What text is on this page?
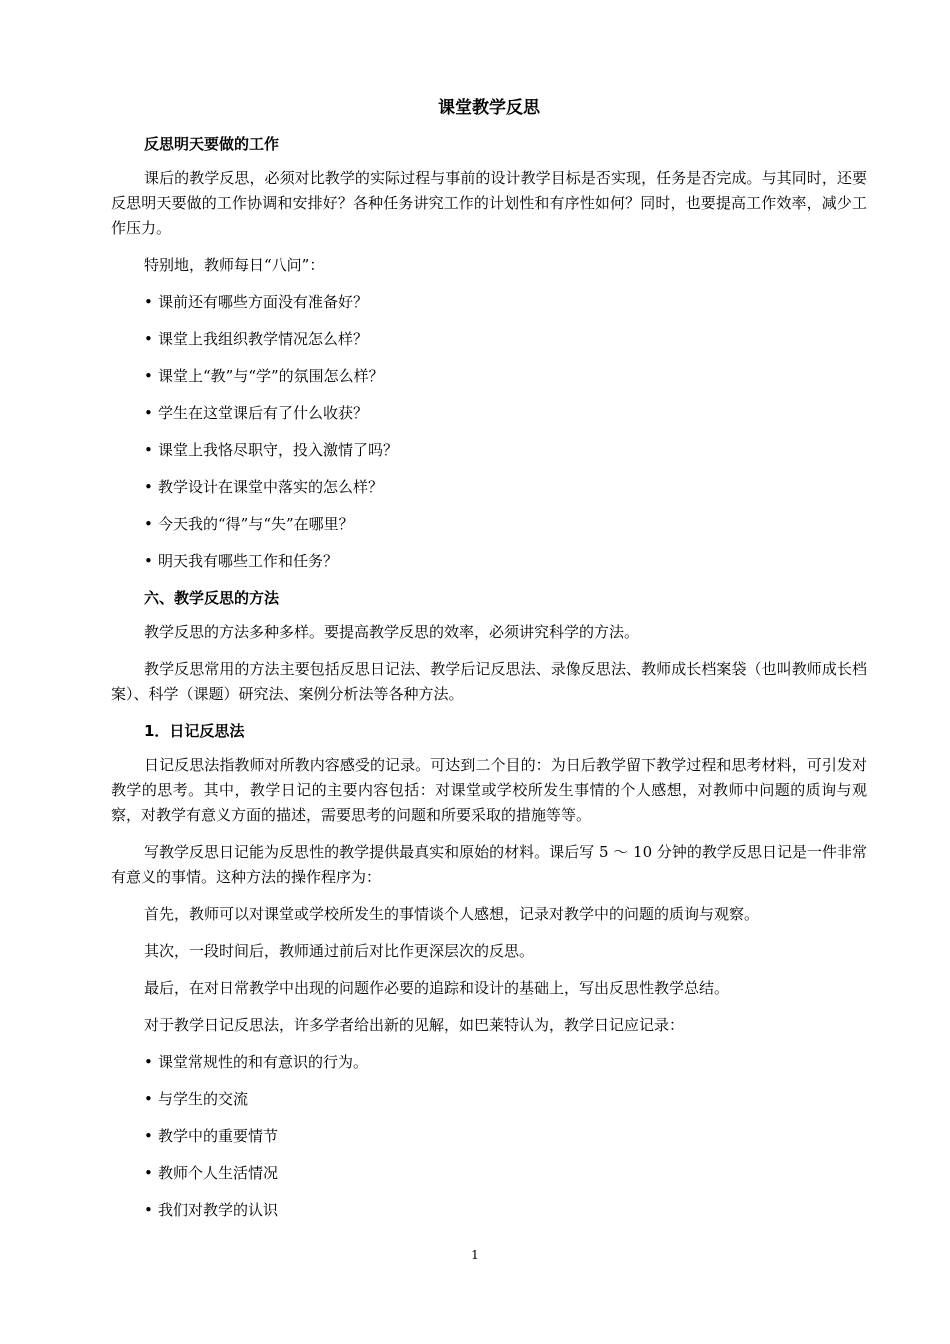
课堂教学反思
反思明天要做的工作
课后的教学反思，必须对比教学的实际过程与事前的设计教学目标是否实现，任务是否完成。与其同时，还要反思明天要做的工作协调和安排好？各种任务讲究工作的计划性和有序性如何？同时，也要提高工作效率，减少工作压力。
特别地，教师每日“八问”：
• 课前还有哪些方面没有准备好？
• 课堂上我组织教学情况怎么样？
• 课堂上“教”与“学”的氛围怎么样？
• 学生在这堂课后有了什么收获？
• 课堂上我恪尽职守，投入激情了吗？
• 教学设计在课堂中落实的怎么样？
• 今天我的“得”与“失”在哪里？
• 明天我有哪些工作和任务？
六、教学反思的方法
教学反思的方法多种多样。要提高教学反思的效率，必须讲究科学的方法。
教学反思常用的方法主要包括反思日记法、教学后记反思法、录像反思法、教师成长档案袋（也叫教师成长档案）、科学（课题）研究法、案例分析法等各种方法。
1．日记反思法
日记反思法指教师对所教内容感受的记录。可达到二个目的：为日后教学留下教学过程和思考材料，可引发对教学的思考。其中，教学日记的主要内容包括：对课堂或学校所发生事情的个人感想，对教师中问题的质询与观察，对教学有意义方面的描述，需要思考的问题和所要采取的措施等等。
写教学反思日记能为反思性的教学提供最真实和原始的材料。课后写 5 ～ 10 分钟的教学反思日记是一件非常有意义的事情。这种方法的操作程序为：
首先，教师可以对课堂或学校所发生的事情谈个人感想，记录对教学中的问题的质询与观察。
其次，一段时间后，教师通过前后对比作更深层次的反思。
最后，在对日常教学中出现的问题作必要的追踪和设计的基础上，写出反思性教学总结。
对于教学日记反思法，许多学者给出新的见解，如巴莱特认为，教学日记应记录：
• 课堂常规性的和有意识的行为。
• 与学生的交流
• 教学中的重要情节
• 教师个人生活情况
• 我们对教学的认识
1
